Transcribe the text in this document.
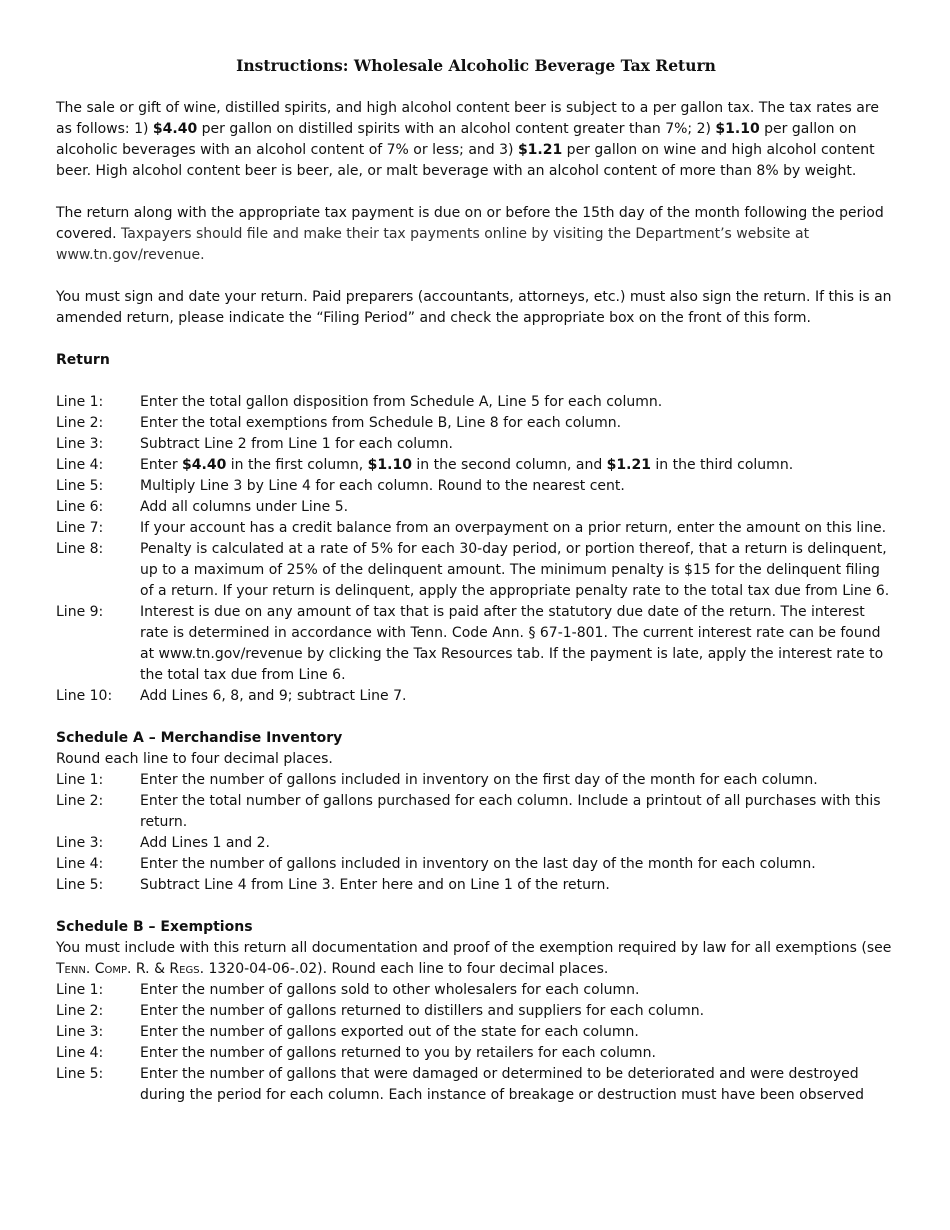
Instructions: Wholesale Alcoholic Beverage Tax Return

The sale or gift of wine, distilled spirits, and high alcohol content beer is subject to a per gallon tax. The tax rates are as follows: 1) $4.40 per gallon on distilled spirits with an alcohol content greater than 7%; 2) $1.10 per gallon on alcoholic beverages with an alcohol content of 7% or less; and 3) $1.21 per gallon on wine and high alcohol content beer. High alcohol content beer is beer, ale, or malt beverage with an alcohol content of more than 8% by weight.

The return along with the appropriate tax payment is due on or before the 15th day of the month following the period covered. Taxpayers should file and make their tax payments online by visiting the Department’s website at www.tn.gov/revenue.

You must sign and date your return. Paid preparers (accountants, attorneys, etc.) must also sign the return. If this is an amended return, please indicate the “Filing Period” and check the appropriate box on the front of this form.

Return
Line 1:	Enter the total gallon disposition from Schedule A, Line 5 for each column.
Line 2:	Enter the total exemptions from Schedule B, Line 8 for each column.
Line 3:	Subtract Line 2 from Line 1 for each column.
Line 4:	Enter $4.40 in the first column, $1.10 in the second column, and $1.21 in the third column.
Line 5:	Multiply Line 3 by Line 4 for each column. Round to the nearest cent.
Line 6:	Add all columns under Line 5.
Line 7:	If your account has a credit balance from an overpayment on a prior return, enter the amount on this line.
Line 8:	Penalty is calculated at a rate of 5% for each 30-day period, or portion thereof, that a return is delinquent, up to a maximum of 25% of the delinquent amount. The minimum penalty is $15 for the delinquent filing of a return. If your return is delinquent, apply the appropriate penalty rate to the total tax due from Line 6.
Line 9:	Interest is due on any amount of tax that is paid after the statutory due date of the return. The interest rate is determined in accordance with Tenn. Code Ann. § 67-1-801. The current interest rate can be found at www.tn.gov/revenue by clicking the Tax Resources tab. If the payment is late, apply the interest rate to the total tax due from Line 6.
Line 10:	Add Lines 6, 8, and 9; subtract Line 7.
Schedule A – Merchandise Inventory
Round each line to four decimal places.
Line 1:	Enter the number of gallons included in inventory on the first day of the month for each column.
Line 2:	Enter the total number of gallons purchased for each column. Include a printout of all purchases with this return.
Line 3:	Add Lines 1 and 2.
Line 4:	Enter the number of gallons included in inventory on the last day of the month for each column.
Line 5:	Subtract Line 4 from Line 3. Enter here and on Line 1 of the return.
Schedule B – Exemptions
You must include with this return all documentation and proof of the exemption required by law for all exemptions (see Tenn. Comp. R. & Regs. 1320-04-06-.02). Round each line to four decimal places.
Line 1:	Enter the number of gallons sold to other wholesalers for each column.
Line 2:	Enter the number of gallons returned to distillers and suppliers for each column.
Line 3:	Enter the number of gallons exported out of the state for each column.
Line 4:	Enter the number of gallons returned to you by retailers for each column.
Line 5:	Enter the number of gallons that were damaged or determined to be deteriorated and were destroyed during the period for each column. Each instance of breakage or destruction must have been observed
